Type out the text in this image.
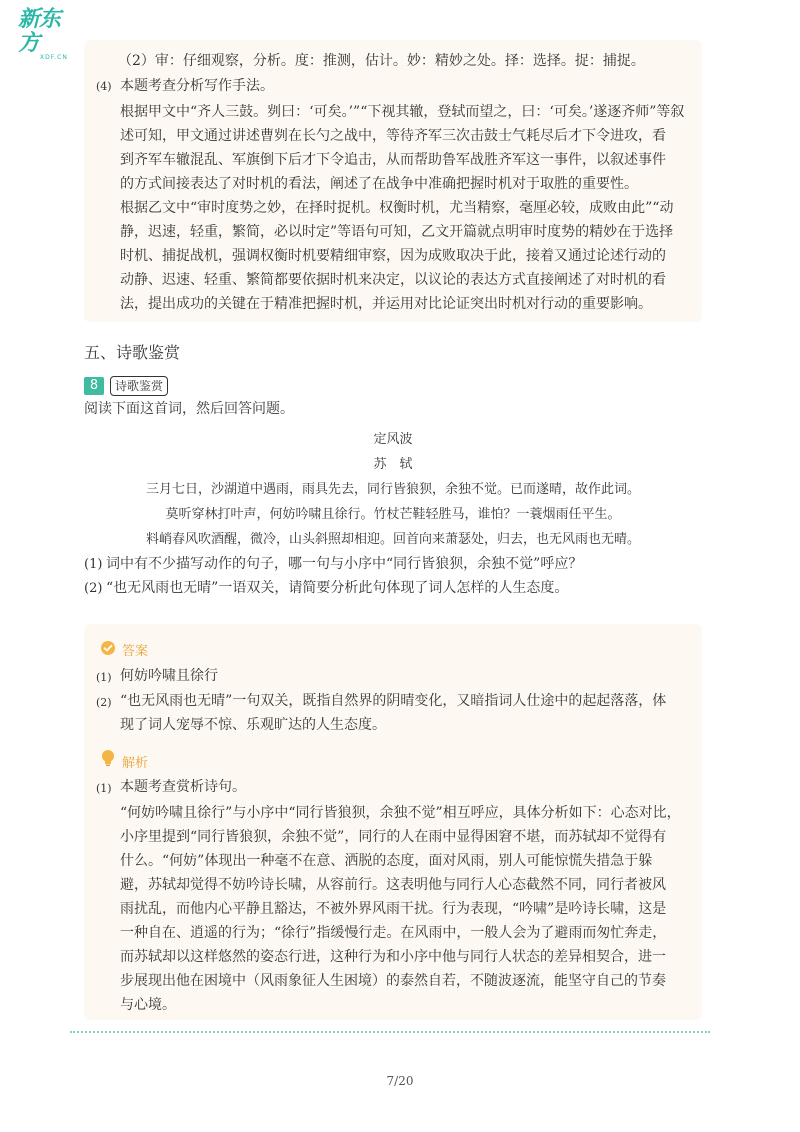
新东方
XDF.CN	（2）审：仔细观察，分析。度：推测，估计。妙：精妙之处。择：选择。捉：捕捉。
(4) 本题考查分析写作手法。
根据甲文中“齐人三鼓。刿曰：‘可矣。’”“下视其辙，登轼而望之，曰：‘可矣。’遂逐齐师”等叙
述可知，甲文通过讲述曹刿在长勺之战中，等待齐军三次击鼓士气耗尽后才下令进攻，看
到齐军车辙混乱、军旗倒下后才下令追击，从而帮助鲁军战胜齐军这一事件，以叙述事件
的方式间接表达了对时机的看法，阐述了在战争中准确把握时机对于取胜的重要性。
根据乙文中“审时度势之妙，在择时捉机。权衡时机，尤当精察，毫厘必较，成败由此”“动
静，迟速，轻重，繁简，必以时定”等语句可知，乙文开篇就点明审时度势的精妙在于选择
时机、捕捉战机，强调权衡时机要精细审察，因为成败取决于此，接着又通过论述行动的
动静、迟速、轻重、繁简都要依据时机来决定，以议论的表达方式直接阐述了对时机的看
法，提出成功的关键在于精准把握时机，并运用对比论证突出时机对行动的重要影响。
五、诗歌鉴赏
8	诗歌鉴赏
阅读下面这首词，然后回答问题。
定风波
苏　轼
三月七日，沙湖道中遇雨，雨具先去，同行皆狼狈，余独不觉。已而遂晴，故作此词。
莫听穿林打叶声，何妨吟啸且徐行。竹杖芒鞋轻胜马，谁怕？一蓑烟雨任平生。
料峭春风吹酒醒，微冷，山头斜照却相迎。回首向来萧瑟处，归去，也无风雨也无晴。
(1) 词中有不少描写动作的句子，哪一句与小序中“同行皆狼狈，余独不觉”呼应？
(2) “也无风雨也无晴”一语双关，请简要分析此句体现了词人怎样的人生态度。
答案
(1) 何妨吟啸且徐行
(2) “也无风雨也无晴”一句双关，既指自然界的阴晴变化，又暗指词人仕途中的起起落落，体
现了词人宠辱不惊、乐观旷达的人生态度。
解析
(1) 本题考查赏析诗句。
“何妨吟啸且徐行”与小序中“同行皆狼狈，余独不觉”相互呼应，具体分析如下：心态对比，
小序里提到“同行皆狼狈，余独不觉”，同行的人在雨中显得困窘不堪，而苏轼却不觉得有
什么。“何妨”体现出一种毫不在意、洒脱的态度，面对风雨，别人可能惊慌失措急于躲
避，苏轼却觉得不妨吟诗长啸，从容前行。这表明他与同行人心态截然不同，同行者被风
雨扰乱，而他内心平静且豁达，不被外界风雨干扰。行为表现，“吟啸”是吟诗长啸，这是
一种自在、逍遥的行为；“徐行”指缓慢行走。在风雨中，一般人会为了避雨而匆忙奔走，
而苏轼却以这样悠然的姿态行进，这种行为和小序中他与同行人状态的差异相契合，进一
步展现出他在困境中（风雨象征人生困境）的泰然自若，不随波逐流，能坚守自己的节奏
与心境。
7/20
